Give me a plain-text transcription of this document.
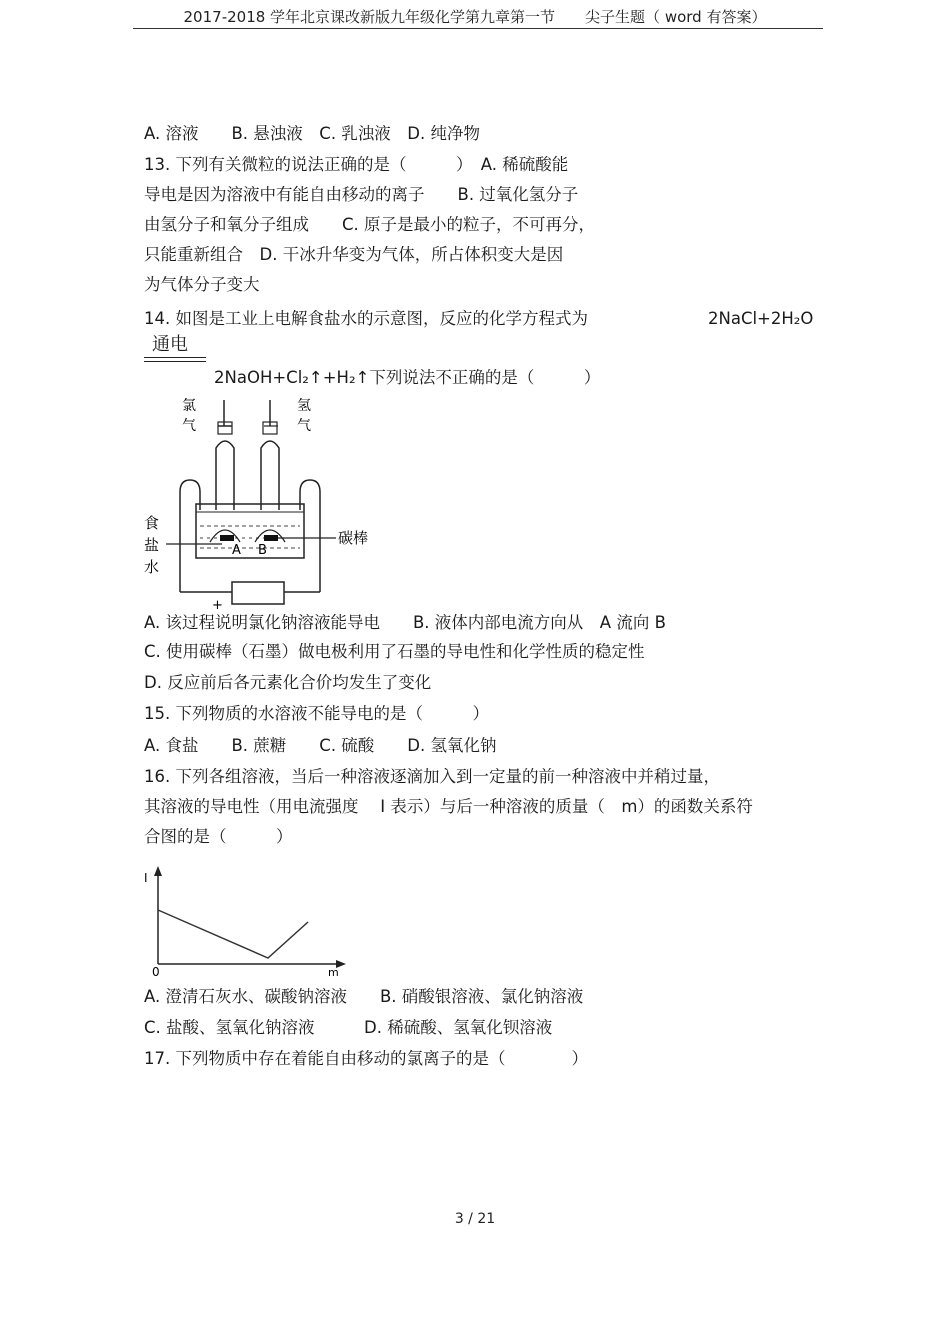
2017-2018 学年北京课改新版九年级化学第九章第一节　　尖子生题（ word 有答案）
A. 溶液　　B. 悬浊液　C. 乳浊液　D. 纯净物
13. 下列有关微粒的说法正确的是（　　　）　A. 稀硫酸能
导电是因为溶液中有能自由移动的离子　　B. 过氧化氢分子
由氢分子和氧分子组成　　C. 原子是最小的粒子，不可再分，
只能重新组合　D. 干冰升华变为气体，所占体积变大是因
为气体分子变大
14. 如图是工业上电解食盐水的示意图，反应的化学方程式为	2NaCl+2H₂O
通电
2NaOH+Cl₂↑+H₂↑下列说法不正确的是（　　　）
氯
气
氢
气
A B
碳棒
食
盐
水
+
A. 该过程说明氯化钠溶液能导电　　B. 液体内部电流方向从　A 流向 B
C. 使用碳棒（石墨）做电极利用了石墨的导电性和化学性质的稳定性
D. 反应前后各元素化合价均发生了变化
15. 下列物质的水溶液不能导电的是（　　　）
A. 食盐　　B. 蔗糖　　C. 硫酸　　D. 氢氧化钠
16. 下列各组溶液，当后一种溶液逐滴加入到一定量的前一种溶液中并稍过量，
其溶液的导电性（用电流强度　 I 表示）与后一种溶液的质量（　m）的函数关系符
合图的是（　　　）
I
0	m
A. 澄清石灰水、碳酸钠溶液　　B. 硝酸银溶液、氯化钠溶液
C. 盐酸、氢氧化钠溶液　　　D. 稀硫酸、氢氧化钡溶液
17. 下列物质中存在着能自由移动的氯离子的是（　　　　）
3 / 21
